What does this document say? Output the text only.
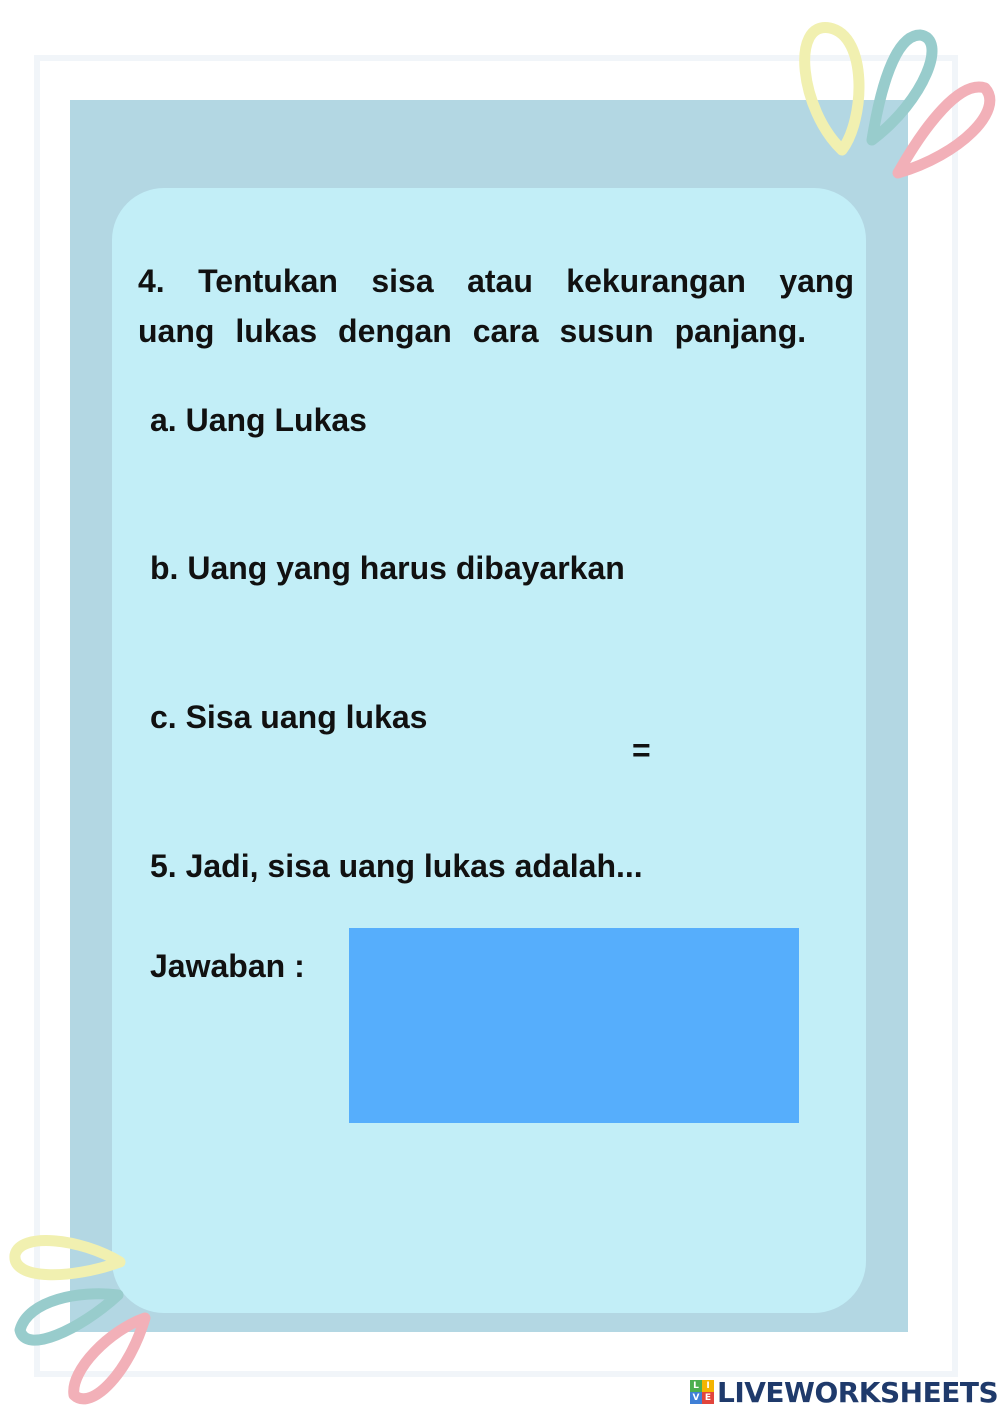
4. Tentukan sisa atau kekurangan yang uang lukas dengan cara susun panjang.
a. Uang Lukas
b. Uang yang harus dibayarkan
c. Sisa uang lukas
=
5. Jadi, sisa uang lukas adalah...
Jawaban :
L I
V E LIVEWORKSHEETS
